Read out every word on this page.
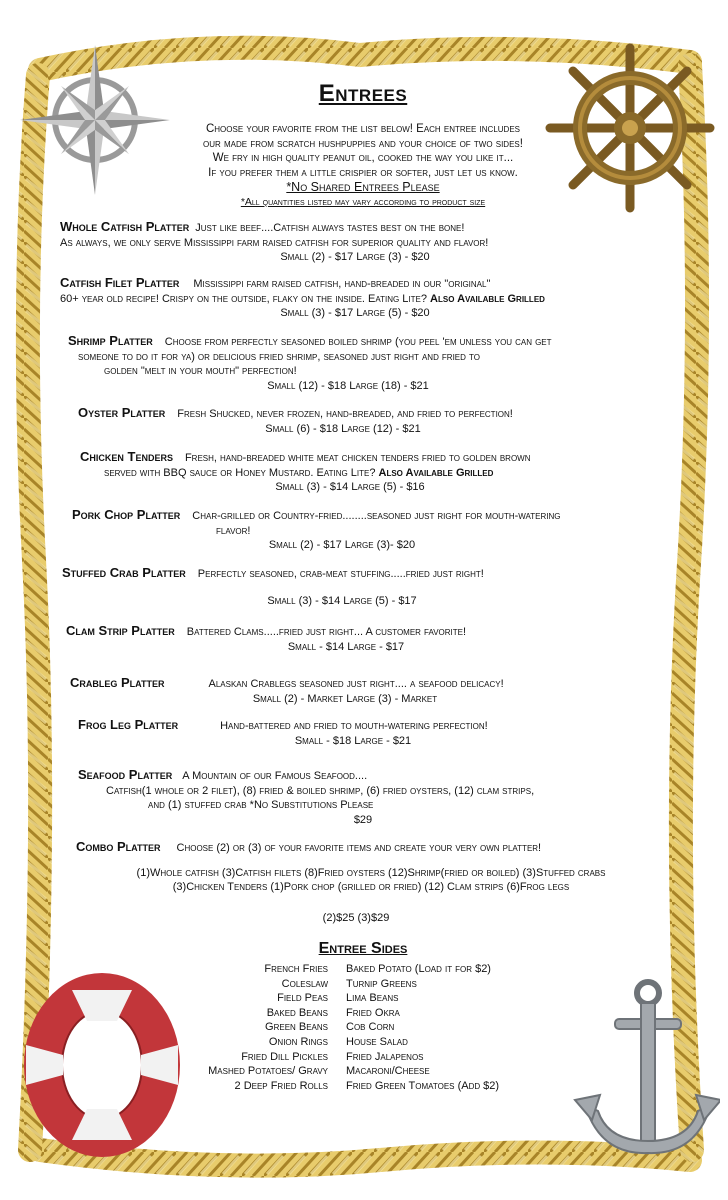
Entrees
Choose your favorite from the list below! Each entree includes
our made from scratch hushpuppies and your choice of two sides!
We fry in high quality peanut oil, cooked the way you like it...
If you prefer them a little crispier or softer, just let us know.
*No Shared Entrees Please
*All quantities listed may vary according to product size
Whole Catfish Platter Just like beef....Catfish always tastes best on the bone!
As always, we only serve Mississippi farm raised catfish for superior quality and flavor!
Small (2) - $17 Large (3) - $20
Catfish Filet Platter Mississippi farm raised catfish, hand-breaded in our "original"
60+ year old recipe! Crispy on the outside, flaky on the inside. Eating Lite? Also Available Grilled
Small (3) - $17 Large (5) - $20
Shrimp Platter Choose from perfectly seasoned boiled shrimp (you peel 'em unless you can get
someone to do it for ya) or delicious fried shrimp, seasoned just right and fried to
golden "melt in your mouth" perfection!
Small (12) - $18 Large (18) - $21
Oyster Platter Fresh Shucked, never frozen, hand-breaded, and fried to perfection!
Small (6) - $18 Large (12) - $21
Chicken Tenders Fresh, hand-breaded white meat chicken tenders fried to golden brown
served with BBQ sauce or Honey Mustard. Eating Lite? Also Available Grilled
Small (3) - $14 Large (5) - $16
Pork Chop Platter Char-grilled or Country-fried........seasoned just right for mouth-watering
flavor!
Small (2) - $17 Large (3)- $20
Stuffed Crab Platter Perfectly seasoned, crab-meat stuffing.....fried just right!
Small (3) - $14 Large (5) - $17
Clam Strip Platter Battered Clams.....fried just right... A customer favorite!
Small - $14 Large - $17
Crableg Platter	Alaskan Crablegs seasoned just right.... a seafood delicacy!
Small (2) - Market Large (3) - Market
Frog Leg Platter	Hand-battered and fried to mouth-watering perfection!
Small - $18 Large - $21
Seafood Platter A Mountain of our Famous Seafood....
Catfish(1 whole or 2 filet), (8) fried & boiled shrimp, (6) fried oysters, (12) clam strips,
and (1) stuffed crab *No Substitutions Please
$29
Combo Platter Choose (2) or (3) of your favorite items and create your very own platter!
(1)Whole catfish (3)Catfish filets (8)Fried oysters (12)Shrimp(fried or boiled) (3)Stuffed crabs
(3)Chicken Tenders (1)Pork chop (grilled or fried) (12) Clam strips (6)Frog legs
(2)$25 (3)$29
Entree Sides
French Fries	Baked Potato (Load it for $2)
Coleslaw	Turnip Greens
Field Peas	Lima Beans
Baked Beans	Fried Okra
Green Beans	Cob Corn
Onion Rings	House Salad
Fried Dill Pickles	Fried Jalapenos
Mashed Potatoes/ Gravy	Macaroni/Cheese
2 Deep Fried Rolls	Fried Green Tomatoes (Add $2)
